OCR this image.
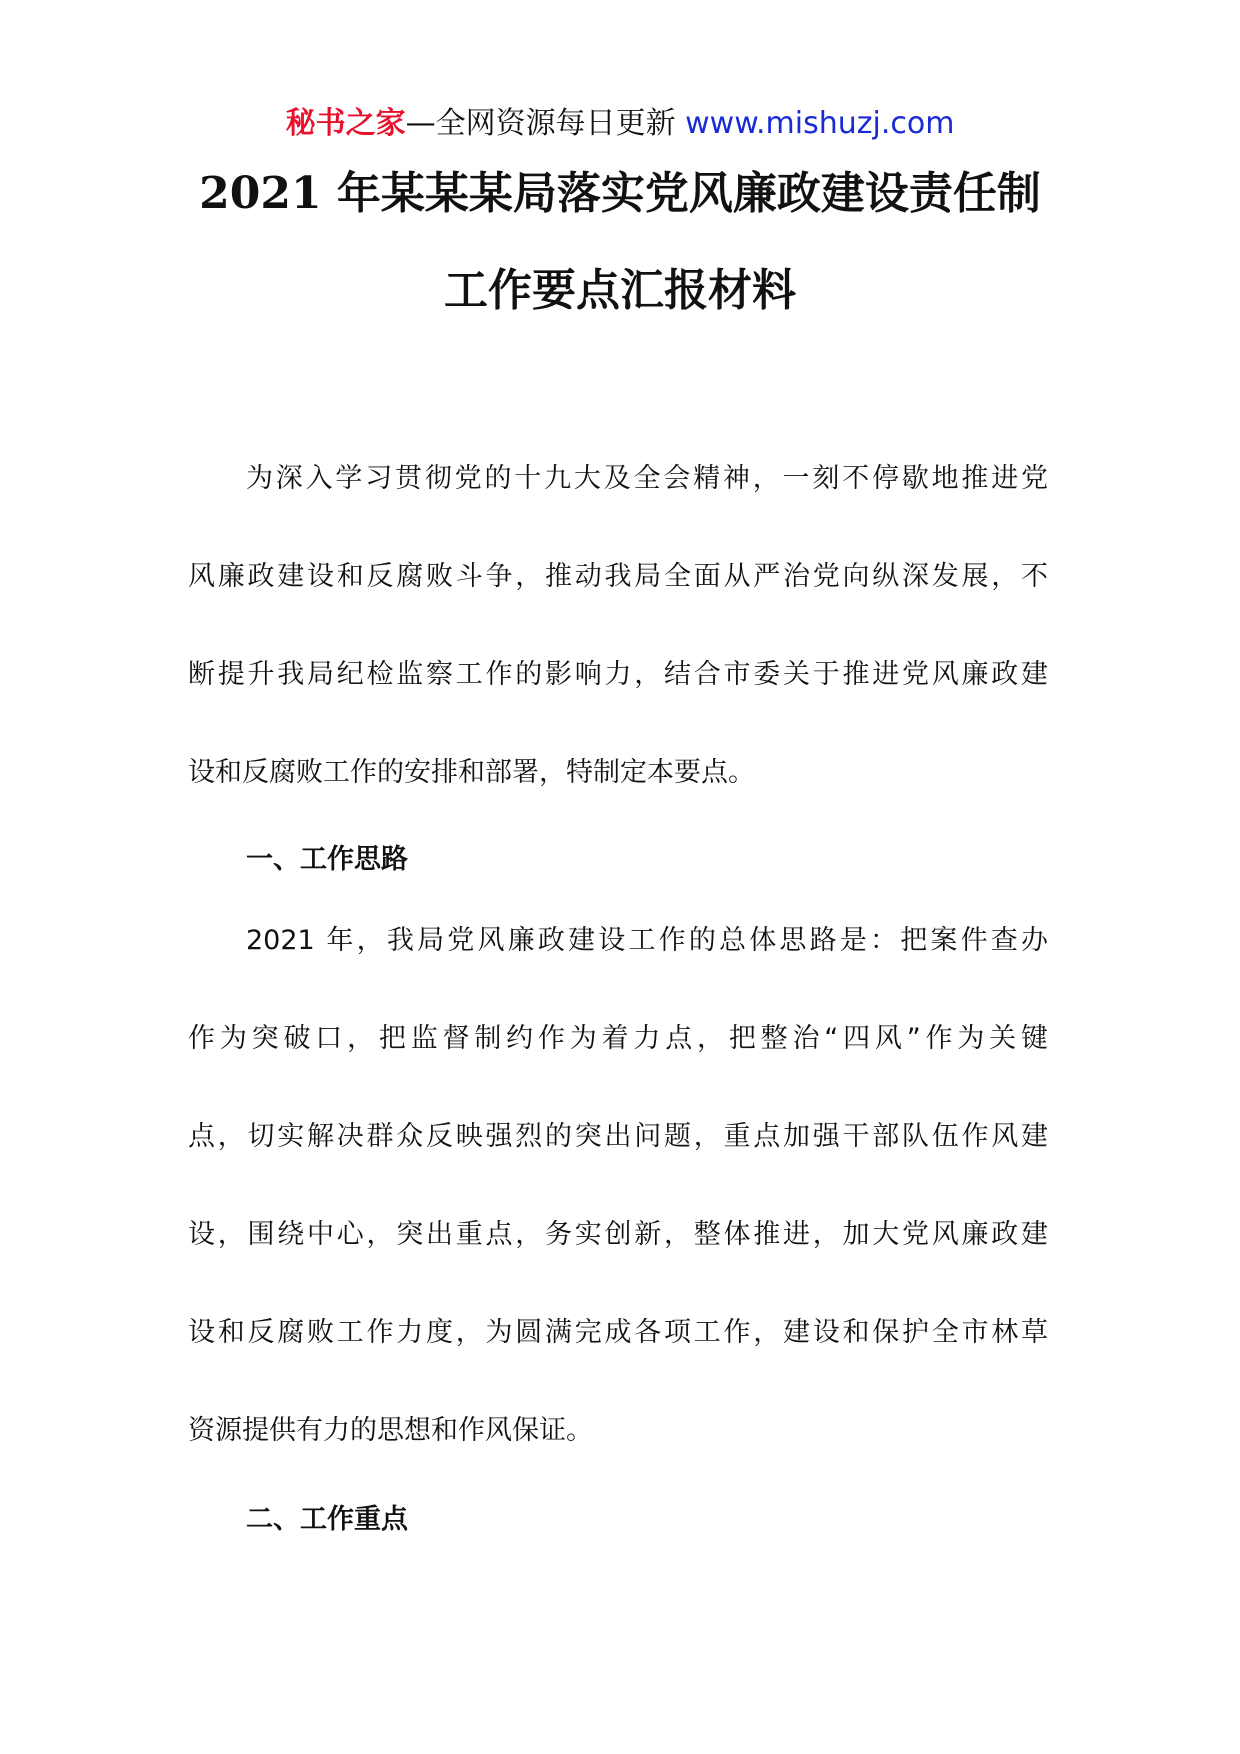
秘书之家—全网资源每日更新 www.mishuzj.com
2021 年某某某局落实党风廉政建设责任制
工作要点汇报材料
为深入学习贯彻党的十九大及全会精神，一刻不停歇地推进党
风廉政建设和反腐败斗争，推动我局全面从严治党向纵深发展，不
断提升我局纪检监察工作的影响力，结合市委关于推进党风廉政建
设和反腐败工作的安排和部署，特制定本要点。
一、工作思路
2021 年，我局党风廉政建设工作的总体思路是：把案件查办
作为突破口，把监督制约作为着力点，把整治“四风”作为关键
点，切实解决群众反映强烈的突出问题，重点加强干部队伍作风建
设，围绕中心，突出重点，务实创新，整体推进，加大党风廉政建
设和反腐败工作力度，为圆满完成各项工作，建设和保护全市林草
资源提供有力的思想和作风保证。
二、工作重点
